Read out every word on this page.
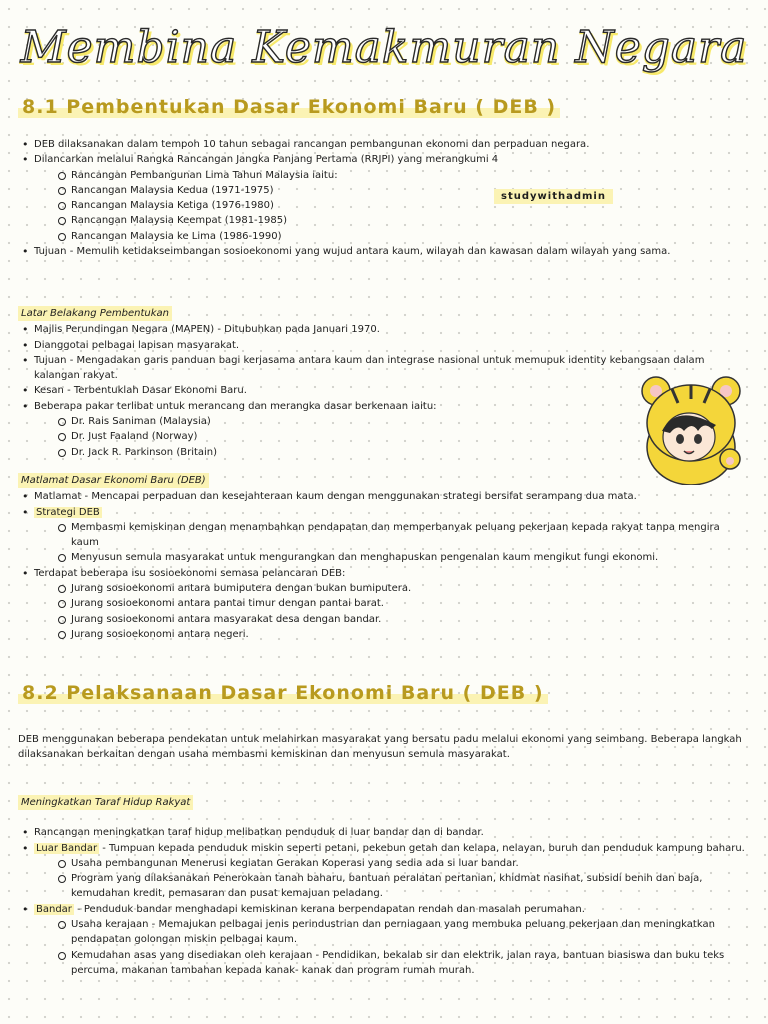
Membina Kemakmuran Negara
8.1 Pembentukan Dasar Ekonomi Baru ( DEB )
• DEB dilaksanakan dalam tempoh 10 tahun sebagai rancangan pembangunan ekonomi dan perpaduan negara.
• Dilancarkan melalui Rangka Rancangan Jangka Panjang Pertama (RRJPI) yang merangkumi 4
Rancangan Pembangunan Lima Tahun Malaysia iaitu:
Rancangan Malaysia Kedua (1971-1975)
Rancangan Malaysia Ketiga (1976-1980)
Rancangan Malaysia Keempat (1981-1985)
Rancangan Malaysia ke Lima (1986-1990)
• Tujuan - Memulih ketidakseimbangan sosioekonomi yang wujud antara kaum, wilayah dan kawasan dalam wilayah yang sama.
studywithadmin
Latar Belakang Pembentukan
• Majlis Perundingan Negara (MAPEN) - Ditubuhkan pada Januari 1970.
• Dianggotai pelbagai lapisan masyarakat.
• Tujuan - Mengadakan garis panduan bagi kerjasama antara kaum dan integrase nasional untuk memupuk identity kebangsaan dalam kalangan rakyat.
• Kesan - Terbentuklah Dasar Ekonomi Baru.
• Beberapa pakar terlibat untuk merancang dan merangka dasar berkenaan iaitu:
Dr. Rais Saniman (Malaysia)
Dr. Just Faaland (Norway)
Dr. Jack R. Parkinson (Britain)
Matlamat Dasar Ekonomi Baru (DEB)
• Matlamat - Mencapai perpaduan dan kesejahteraan kaum dengan menggunakan strategi bersifat serampang dua mata.
• Strategi DEB
Membasmi kemiskinan dengan menambahkan pendapatan dan memperbanyak peluang pekerjaan kepada rakyat tanpa mengira kaum
Menyusun semula masyarakat untuk mengurangkan dan menghapuskan pengenalan kaum mengikut fungi ekonomi.
• Terdapat beberapa isu sosioekonomi semasa pelancaran DEB:
Jurang sosioekonomi antara bumiputera dengan bukan bumiputera.
Jurang sosioekonomi antara pantai timur dengan pantai barat.
Jurang sosioekonomi antara masyarakat desa dengan bandar.
Jurang sosioekonomi antara negeri.
8.2 Pelaksanaan Dasar Ekonomi Baru ( DEB )

DEB menggunakan beberapa pendekatan untuk melahirkan masyarakat yang bersatu padu melalui ekonomi yang seimbang. Beberapa langkah dilaksanakan berkaitan dengan usaha membasmi kemiskinan dan menyusun semula masyarakat.

Meningkatkan Taraf Hidup Rakyat
• Rancangan meningkatkan taraf hidup melibatkan penduduk di luar bandar dan di bandar.
• Luar Bandar - Tumpuan kepada penduduk miskin seperti petani, pekebun getah dan kelapa, nelayan, buruh dan penduduk kampung baharu.
Usaha pembangunan Menerusi kegiatan Gerakan Koperasi yang sedia ada si luar bandar.
Program yang dilaksanakan Penerokaan tanah baharu, bantuan peralatan pertanian, khidmat nasihat, subsidi benih dan baja, kemudahan kredit, pemasaran dan pusat kemajuan peladang.
• Bandar - Penduduk bandar menghadapi kemiskinan kerana berpendapatan rendah dan masalah perumahan.
Usaha kerajaan - Memajukan pelbagai jenis perindustrian dan perniagaan yang membuka peluang pekerjaan dan meningkatkan pendapatan golongan miskin pelbagai kaum.
Kemudahan asas yang disediakan oleh kerajaan - Pendidikan, bekalab sir dan elektrik, jalan raya, bantuan biasiswa dan buku teks percuma, makanan tambahan kepada kanak- kanak dan program rumah murah.
